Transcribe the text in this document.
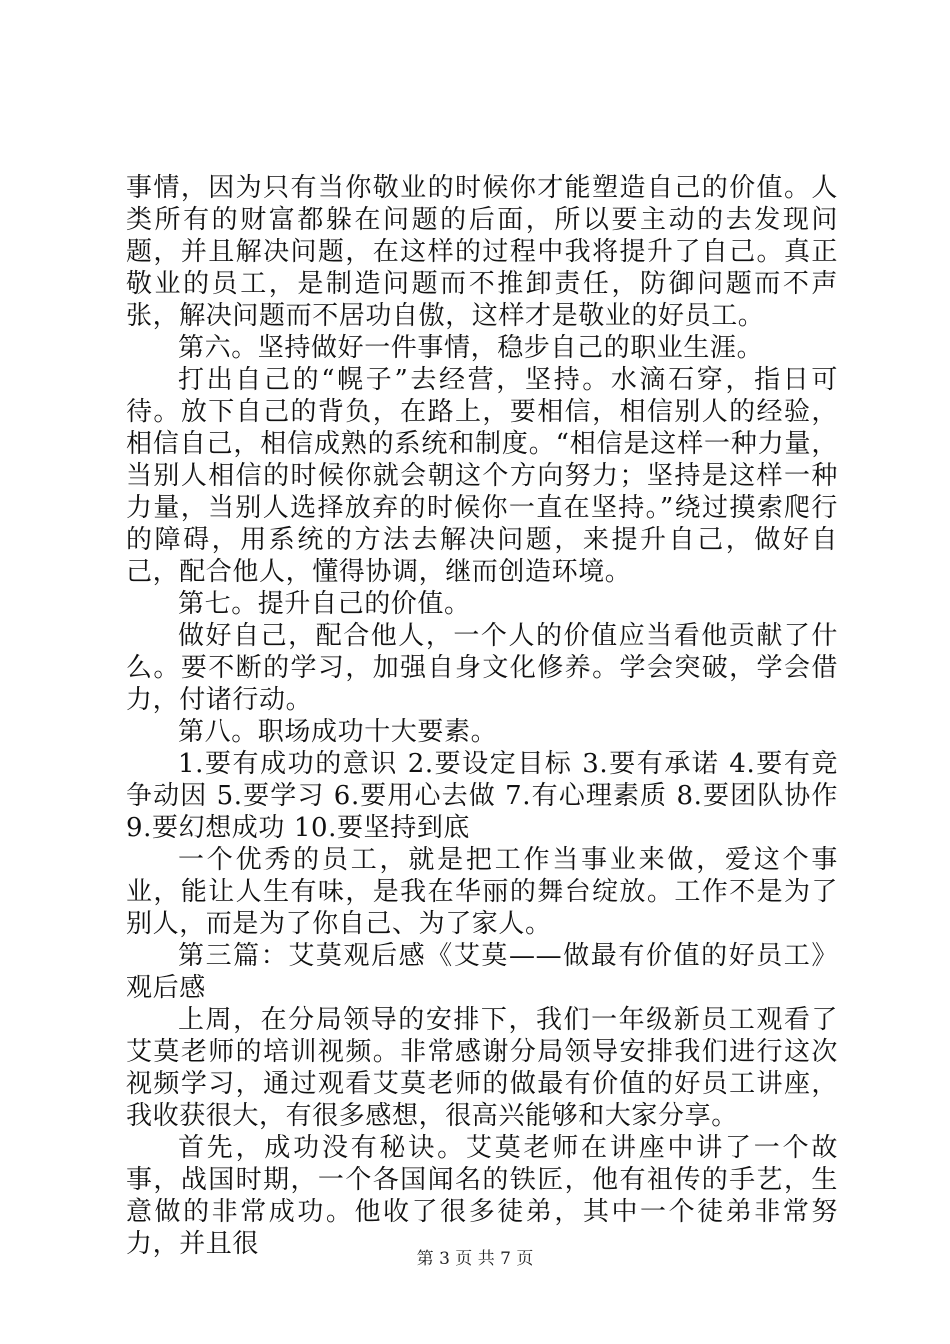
事情，因为只有当你敬业的时候你才能塑造自己的价值。人类所有的财富都躲在问题的后面，所以要主动的去发现问题，并且解决问题，在这样的过程中我将提升了自己。真正敬业的员工，是制造问题而不推卸责任，防御问题而不声张，解决问题而不居功自傲，这样才是敬业的好员工。

第六。坚持做好一件事情，稳步自己的职业生涯。

打出自己的“幌子”去经营，坚持。水滴石穿，指日可待。放下自己的背负，在路上，要相信，相信别人的经验，相信自己，相信成熟的系统和制度。“相信是这样一种力量，当别人相信的时候你就会朝这个方向努力；坚持是这样一种力量，当别人选择放弃的时候你一直在坚持。”绕过摸索爬行的障碍，用系统的方法去解决问题，来提升自己，做好自己，配合他人，懂得协调，继而创造环境。

第七。提升自己的价值。

做好自己，配合他人，一个人的价值应当看他贡献了什么。要不断的学习，加强自身文化修养。学会突破，学会借力，付诸行动。

第八。职场成功十大要素。

1.要有成功的意识 2.要设定目标 3.要有承诺 4.要有竞争动因 5.要学习 6.要用心去做 7.有心理素质 8.要团队协作 9.要幻想成功 10.要坚持到底

一个优秀的员工，就是把工作当事业来做，爱这个事业，能让人生有味，是我在华丽的舞台绽放。工作不是为了别人，而是为了你自己、为了家人。

第三篇：艾莫观后感《艾莫——做最有价值的好员工》观后感

上周，在分局领导的安排下，我们一年级新员工观看了艾莫老师的培训视频。非常感谢分局领导安排我们进行这次视频学习，通过观看艾莫老师的做最有价值的好员工讲座，我收获很大，有很多感想，很高兴能够和大家分享。

首先，成功没有秘诀。艾莫老师在讲座中讲了一个故事，战国时期，一个各国闻名的铁匠，他有祖传的手艺，生意做的非常成功。他收了很多徒弟，其中一个徒弟非常努力，并且很	第 3 页 共 7 页
